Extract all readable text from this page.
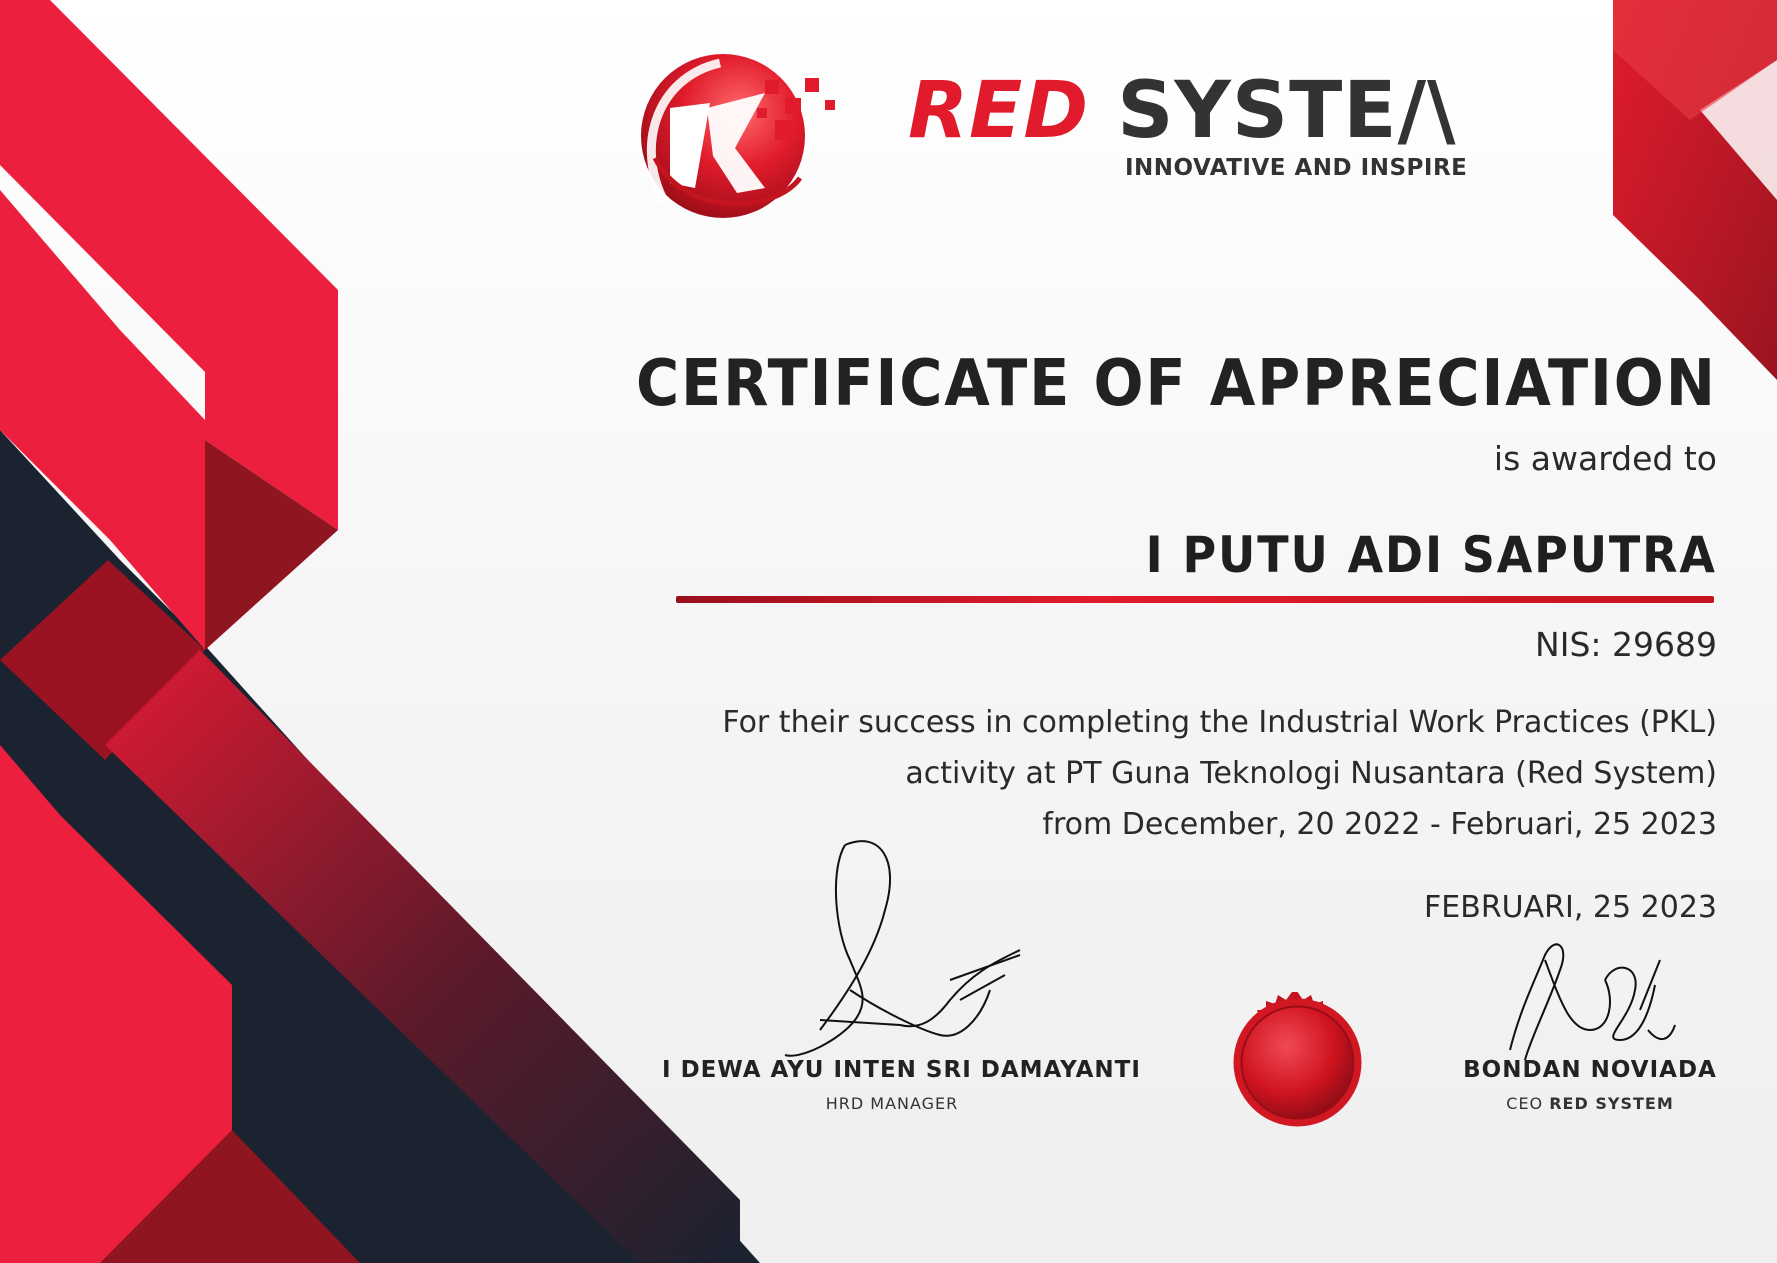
RED SYSTE/\
INNOVATIVE AND INSPIRE
CERTIFICATE OF APPRECIATION
is awarded to
I PUTU ADI SAPUTRA
NIS: 29689
For their success in completing the Industrial Work Practices (PKL)
activity at PT Guna Teknologi Nusantara (Red System)
from December, 20 2022 - Februari, 25 2023
FEBRUARI, 25 2023
I DEWA AYU INTEN SRI DAMAYANTI
HRD MANAGER
BONDAN NOVIADA
CEO RED SYSTEM
